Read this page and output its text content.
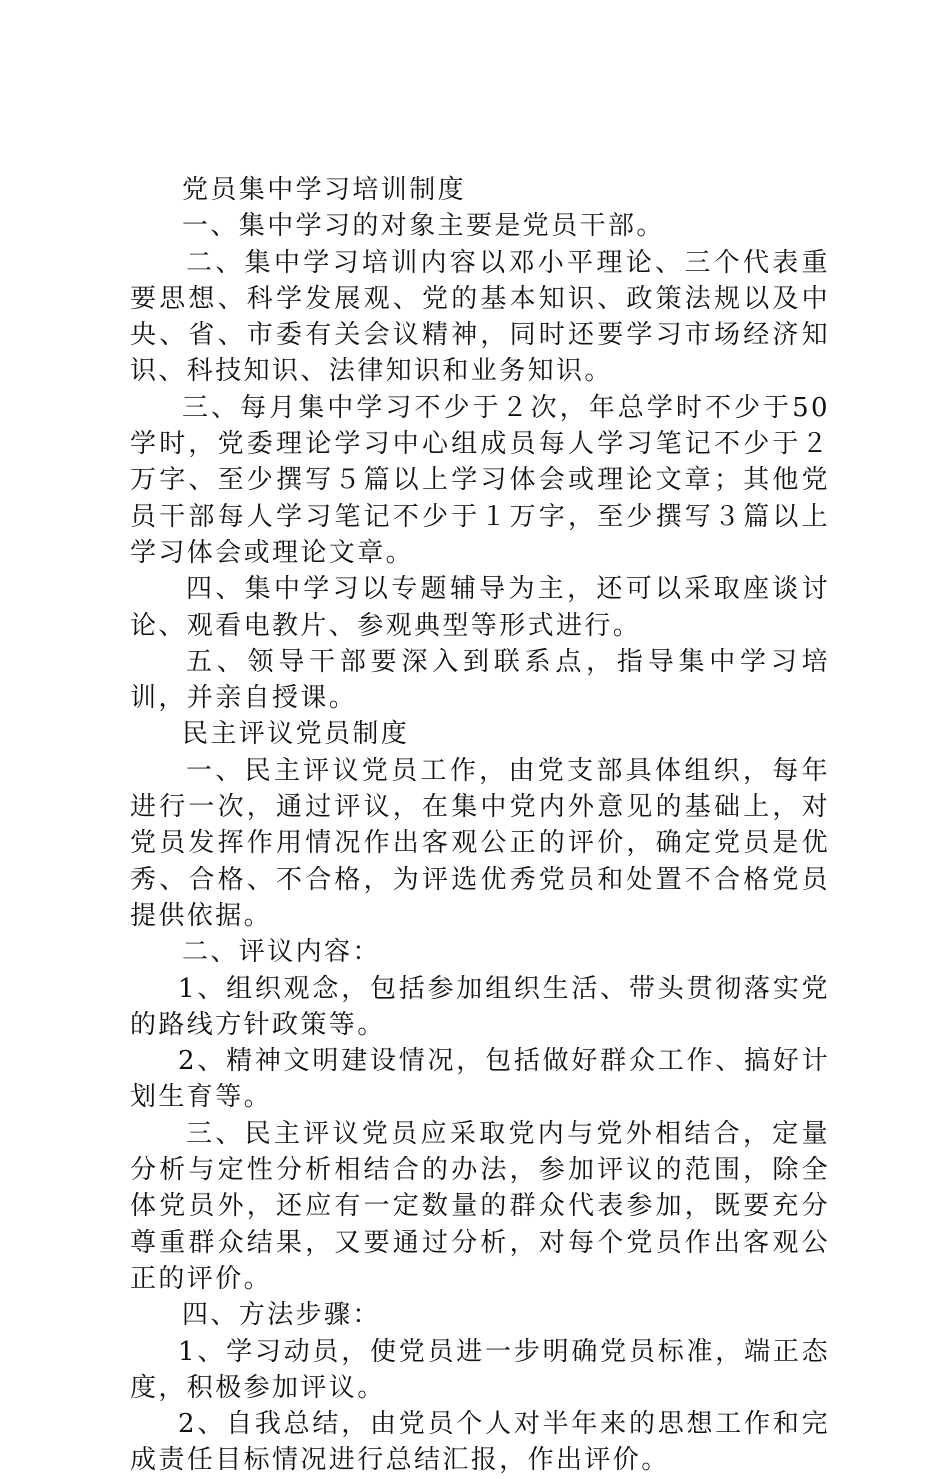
党员集中学习培训制度

一、集中学习的对象主要是党员干部。

二、集中学习培训内容以邓小平理论、三个代表重要思想、科学发展观、党的基本知识、政策法规以及中央、省、市委有关会议精神，同时还要学习市场经济知识、科技知识、法律知识和业务知识。

三、每月集中学习不少于２次，年总学时不少于50学时，党委理论学习中心组成员每人学习笔记不少于２万字、至少撰写５篇以上学习体会或理论文章；其他党员干部每人学习笔记不少于１万字，至少撰写３篇以上学习体会或理论文章。

四、集中学习以专题辅导为主，还可以采取座谈讨论、观看电教片、参观典型等形式进行。

五、领导干部要深入到联系点，指导集中学习培训，并亲自授课。

民主评议党员制度

一、民主评议党员工作，由党支部具体组织，每年进行一次，通过评议，在集中党内外意见的基础上，对党员发挥作用情况作出客观公正的评价，确定党员是优秀、合格、不合格，为评选优秀党员和处置不合格党员提供依据。

二、评议内容：

1、组织观念，包括参加组织生活、带头贯彻落实党的路线方针政策等。

2、精神文明建设情况，包括做好群众工作、搞好计划生育等。

三、民主评议党员应采取党内与党外相结合，定量分析与定性分析相结合的办法，参加评议的范围，除全体党员外，还应有一定数量的群众代表参加，既要充分尊重群众结果，又要通过分析，对每个党员作出客观公正的评价。

四、方法步骤：

1、学习动员，使党员进一步明确党员标准，端正态度，积极参加评议。

2、自我总结，由党员个人对半年来的思想工作和完成责任目标情况进行总结汇报，作出评价。
